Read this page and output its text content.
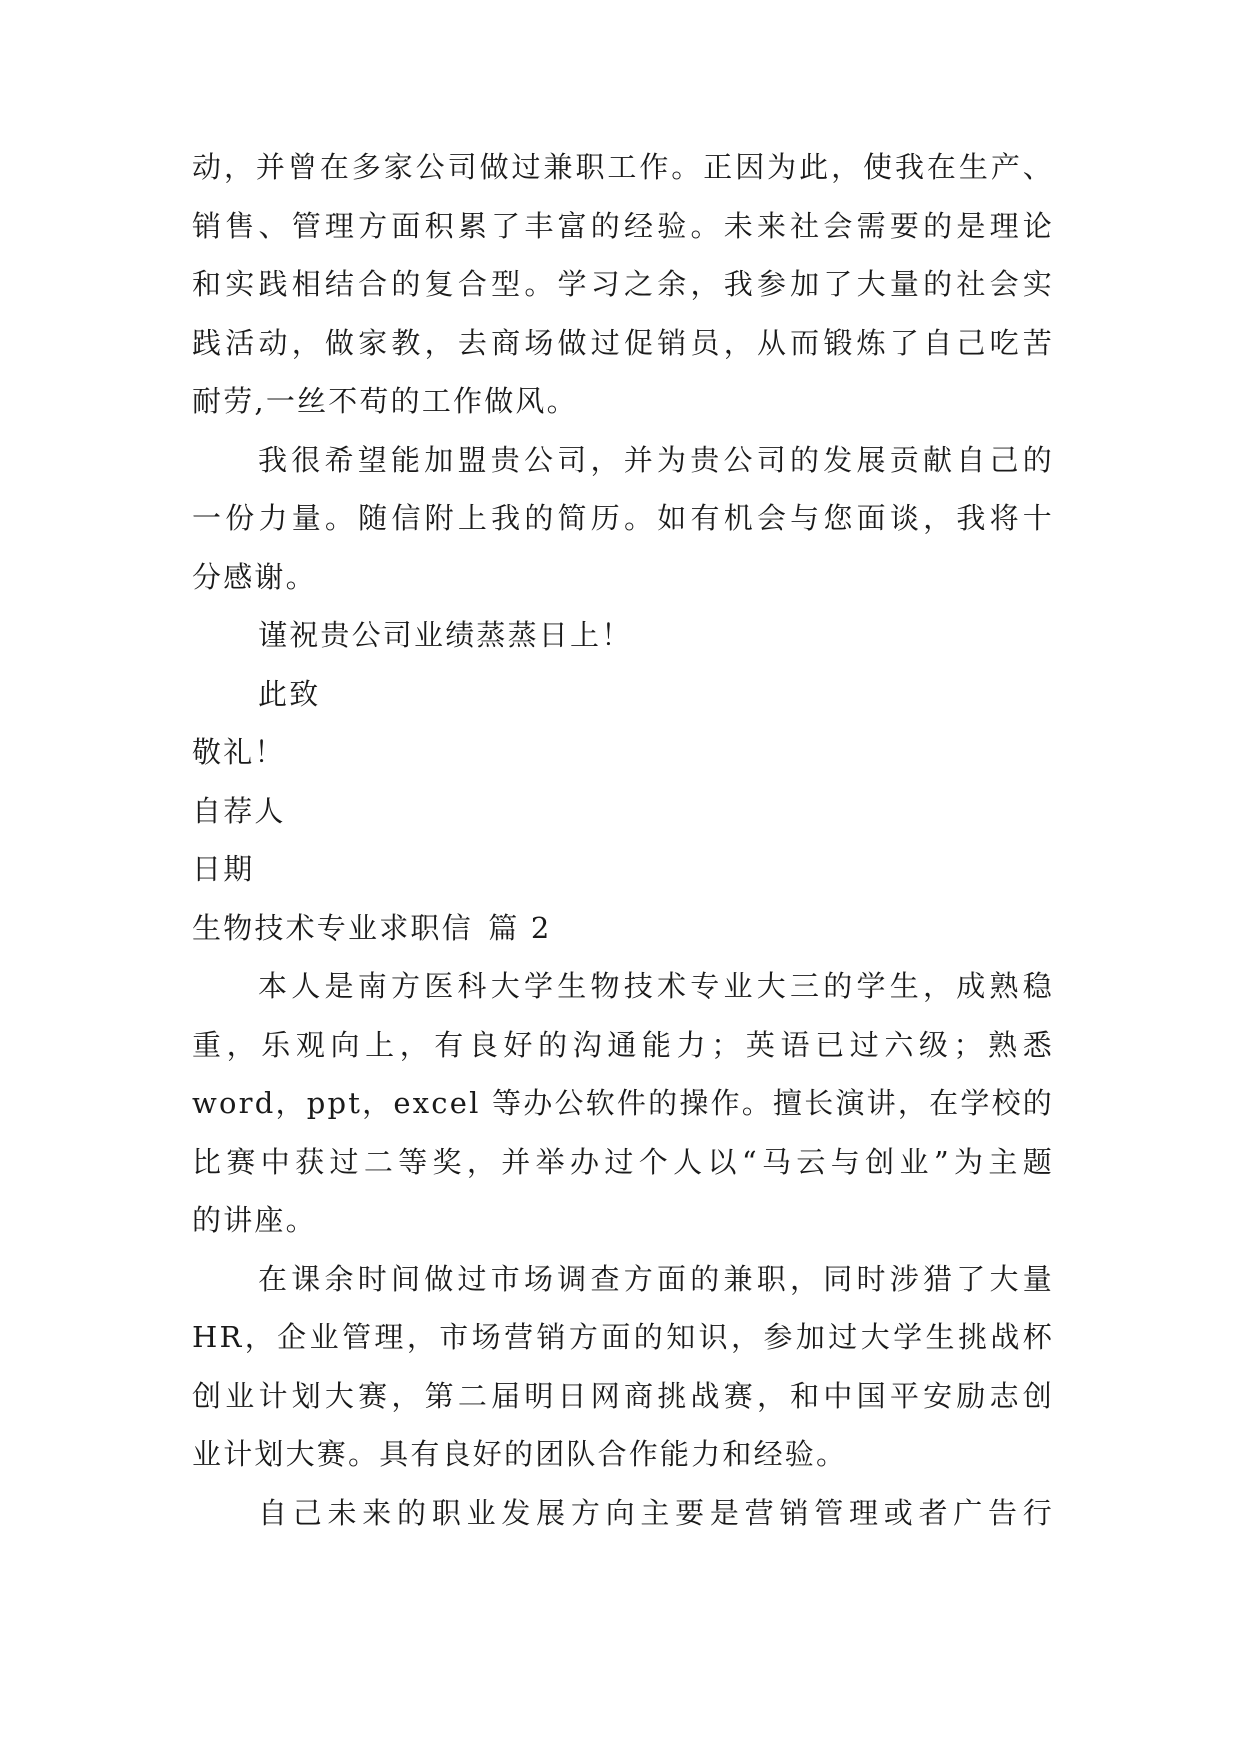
动，并曾在多家公司做过兼职工作。正因为此，使我在生产、
销售、管理方面积累了丰富的经验。未来社会需要的是理论
和实践相结合的复合型。学习之余，我参加了大量的社会实
践活动，做家教，去商场做过促销员，从而锻炼了自己吃苦
耐劳,一丝不苟的工作做风。
我很希望能加盟贵公司，并为贵公司的发展贡献自己的
一份力量。随信附上我的简历。如有机会与您面谈，我将十
分感谢。
谨祝贵公司业绩蒸蒸日上！
此致
敬礼！
自荐人
日期
生物技术专业求职信 篇 2
本人是南方医科大学生物技术专业大三的学生，成熟稳
重，乐观向上，有良好的沟通能力；英语已过六级；熟悉
word，ppt，excel 等办公软件的操作。擅长演讲，在学校的
比赛中获过二等奖，并举办过个人以“马云与创业”为主题
的讲座。
在课余时间做过市场调查方面的兼职，同时涉猎了大量
HR，企业管理，市场营销方面的知识，参加过大学生挑战杯
创业计划大赛，第二届明日网商挑战赛，和中国平安励志创
业计划大赛。具有良好的团队合作能力和经验。
自己未来的职业发展方向主要是营销管理或者广告行
